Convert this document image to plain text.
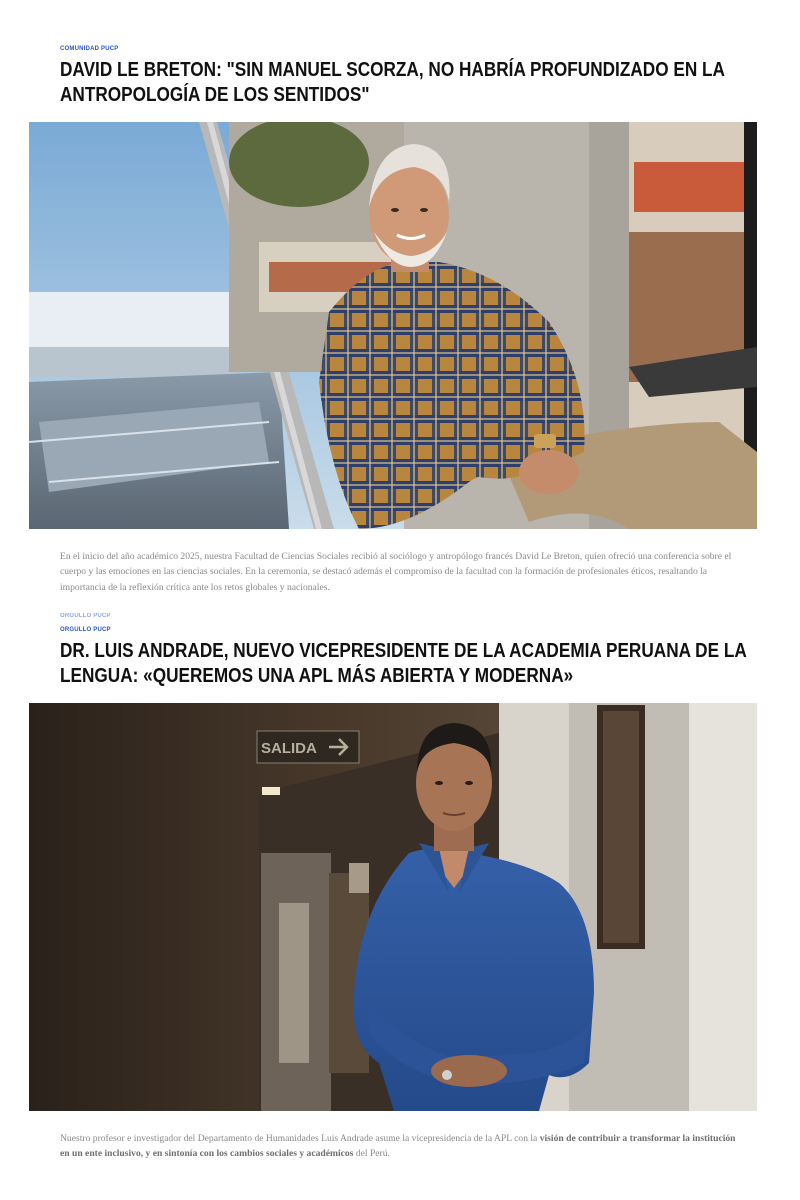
COMUNIDAD PUCP
DAVID LE BRETON: "SIN MANUEL SCORZA, NO HABRÍA PROFUNDIZADO EN LA ANTROPOLOGÍA DE LOS SENTIDOS"
En el inicio del año académico 2025, nuestra Facultad de Ciencias Sociales recibió al sociólogo y antropólogo francés David Le Breton, quien ofreció una conferencia sobre el cuerpo y las emociones en las ciencias sociales. En la ceremonia, se destacó además el compromiso de la facultad con la formación de profesionales éticos, resaltando la importancia de la reflexión crítica ante los retos globales y nacionales.
ORGULLO PUCP
ORGULLO PUCP
DR. LUIS ANDRADE, NUEVO VICEPRESIDENTE DE LA ACADEMIA PERUANA DE LA LENGUA: «QUEREMOS UNA APL MÁS ABIERTA Y MODERNA»
SALIDA
Nuestro profesor e investigador del Departamento de Humanidades Luis Andrade asume la vicepresidencia de la APL con la visión de contribuir a transformar la institución en un ente inclusivo, y en sintonía con los cambios sociales y académicos del Perú.
